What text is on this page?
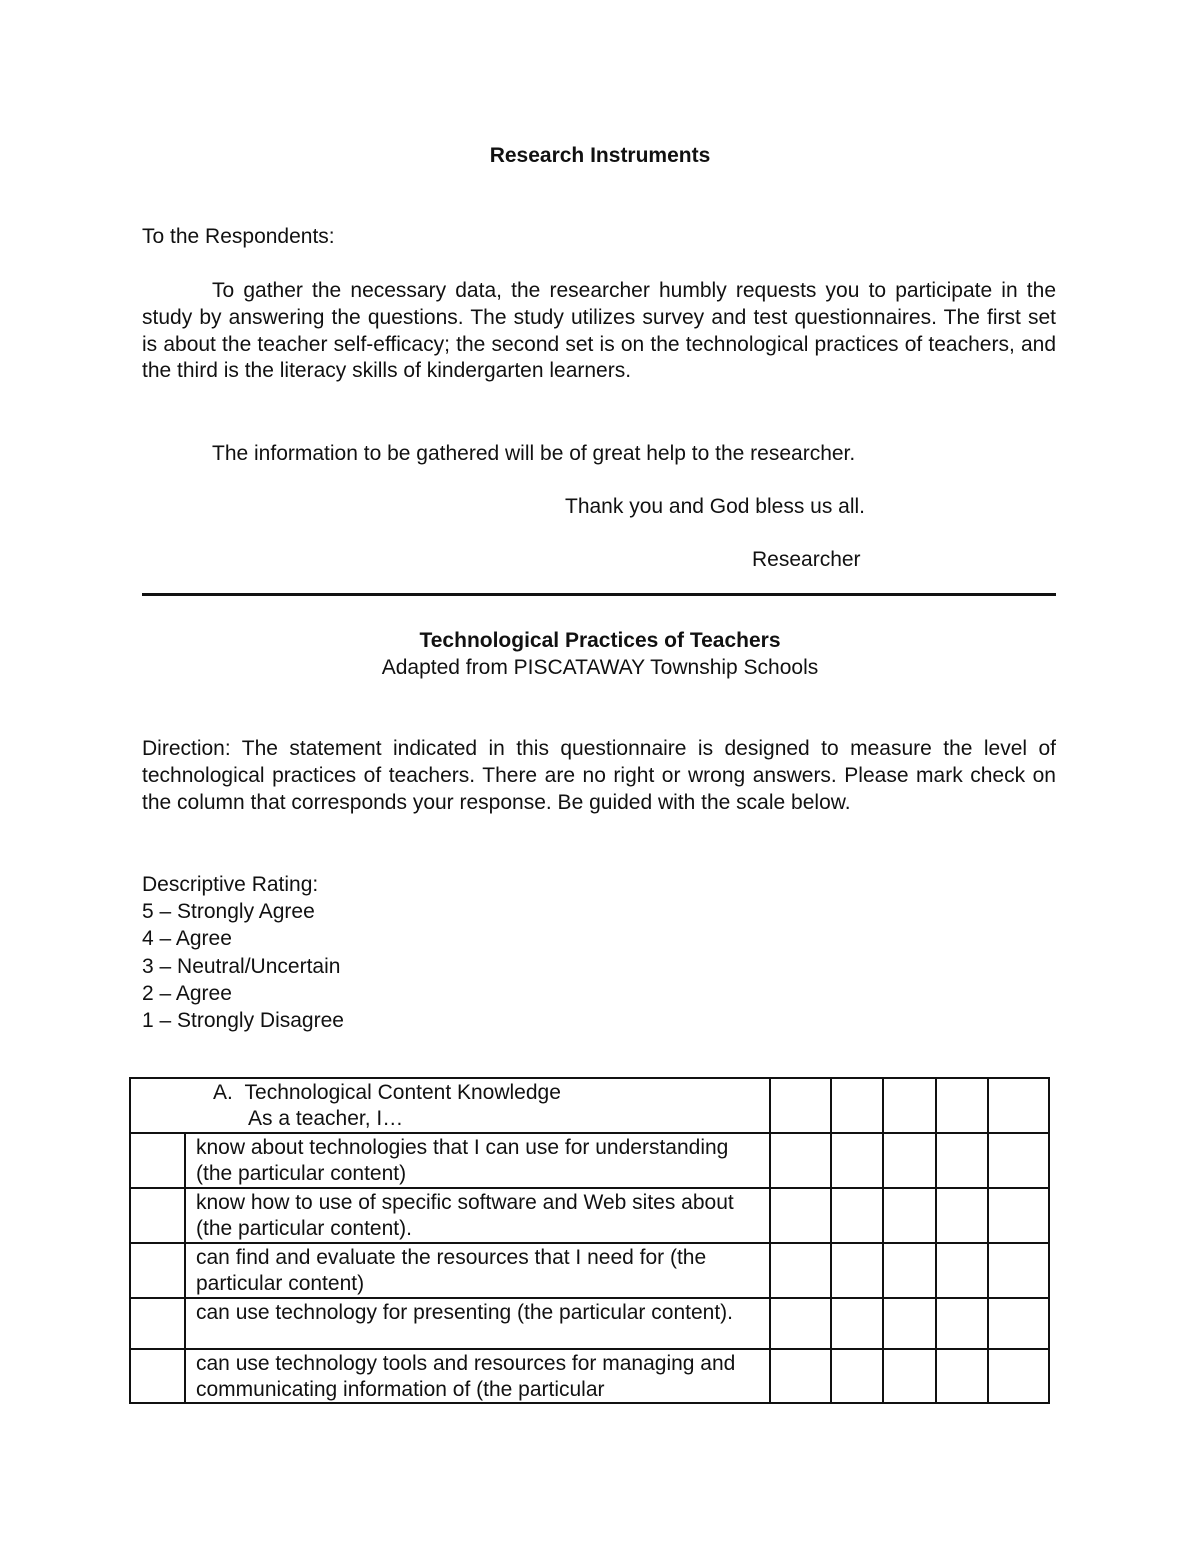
Research Instruments
To the Respondents:
To gather the necessary data, the researcher humbly requests you to participate in the study by answering the questions. The study utilizes survey and test questionnaires. The first set is about the teacher self-efficacy; the second set is on the technological practices of teachers, and the third is the literacy skills of kindergarten learners.
The information to be gathered will be of great help to the researcher.
Thank you and God bless us all.
Researcher
Technological Practices of Teachers
Adapted from PISCATAWAY Township Schools
Direction: The statement indicated in this questionnaire is designed to measure the level of technological practices of teachers. There are no right or wrong answers. Please mark check on the column that corresponds your response. Be guided with the scale below.
Descriptive Rating:
5 – Strongly Agree
4 – Agree
3 – Neutral/Uncertain
2 – Agree
1 – Strongly Disagree
A. Technological Content Knowledge
As a teacher, I…						

	know about technologies that I can use for understanding (the particular content)					
	know how to use of specific software and Web sites about (the particular content).					
	can find and evaluate the resources that I need for (the particular content)					
	can use technology for presenting (the particular content).					

	can use technology tools and resources for managing and communicating information of (the particular					
